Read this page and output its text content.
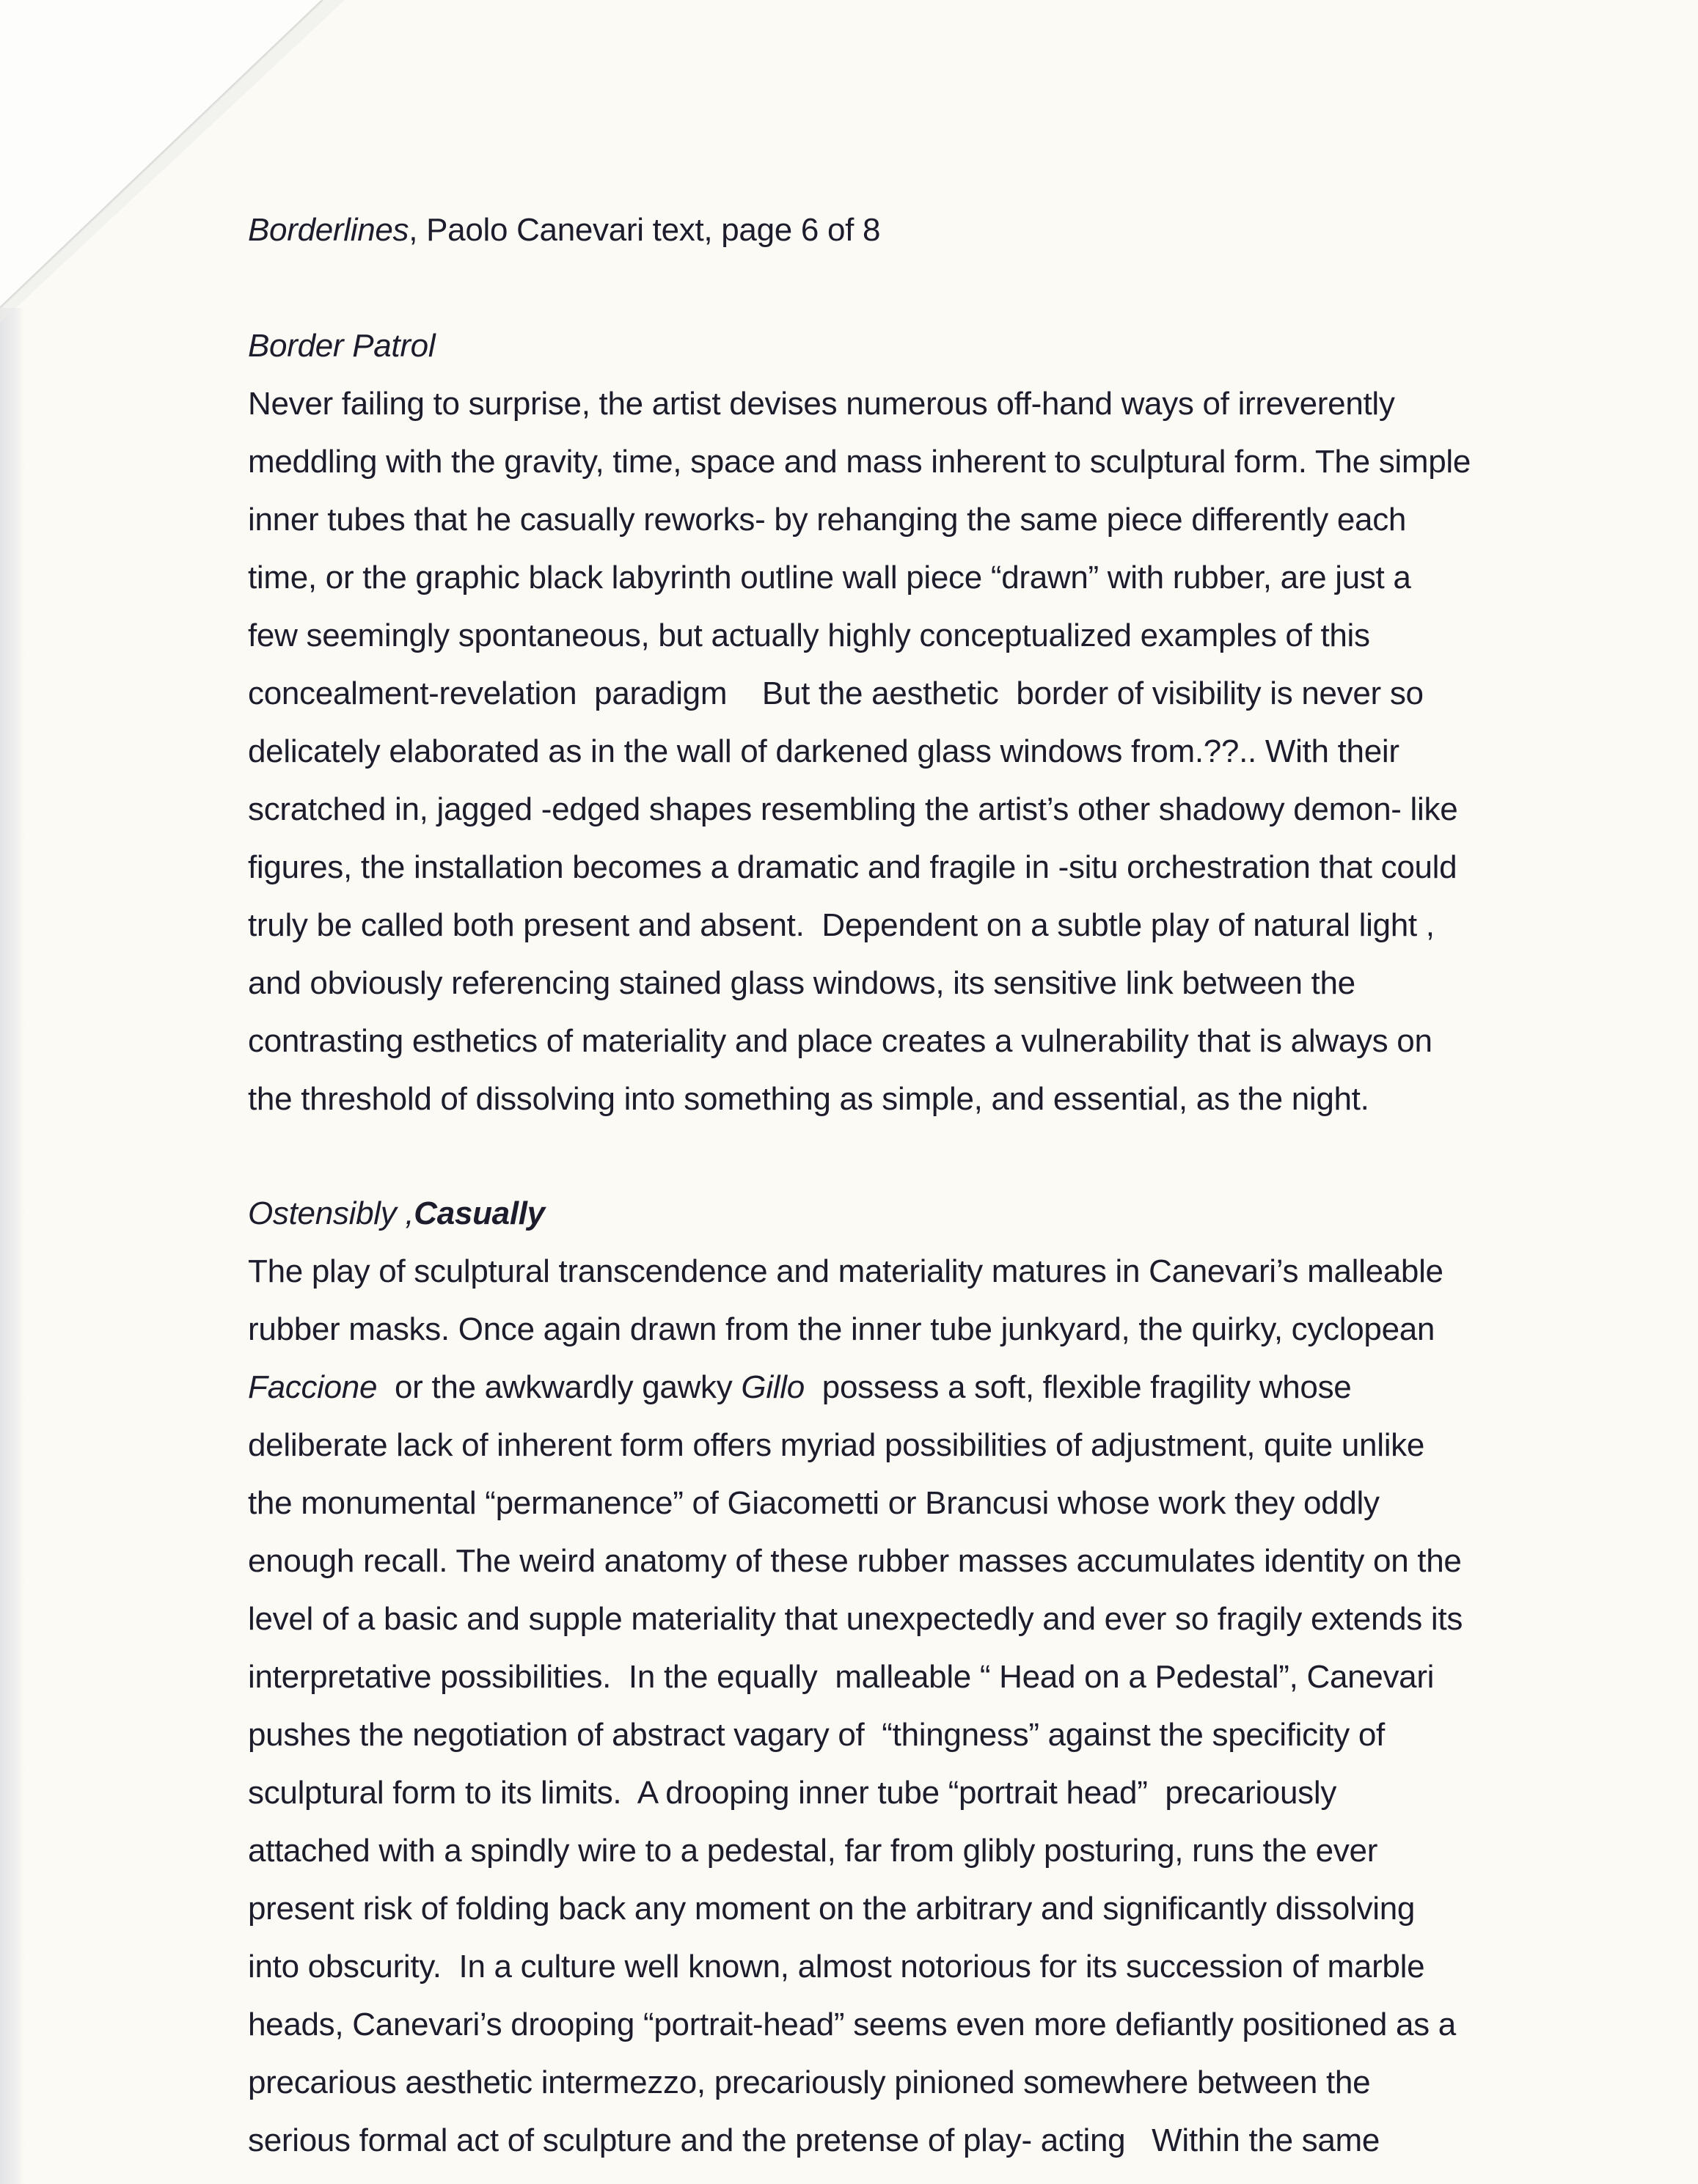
Borderlines, Paolo Canevari text, page 6 of 8
Border Patrol
Never failing to surprise, the artist devises numerous off-hand ways of irreverently
meddling with the gravity, time, space and mass inherent to sculptural form. The simple
inner tubes that he casually reworks- by rehanging the same piece differently each
time, or the graphic black labyrinth outline wall piece “drawn” with rubber, are just a
few seemingly spontaneous, but actually highly conceptualized examples of this
concealment-revelation  paradigm    But the aesthetic  border of visibility is never so
delicately elaborated as in the wall of darkened glass windows from.??.. With their
scratched in, jagged -edged shapes resembling the artist’s other shadowy demon- like
figures, the installation becomes a dramatic and fragile in -situ orchestration that could
truly be called both present and absent.  Dependent on a subtle play of natural light ,
and obviously referencing stained glass windows, its sensitive link between the
contrasting esthetics of materiality and place creates a vulnerability that is always on
the threshold of dissolving into something as simple, and essential, as the night.
Ostensibly ,Casually
The play of sculptural transcendence and materiality matures in Canevari’s malleable
rubber masks. Once again drawn from the inner tube junkyard, the quirky, cyclopean
Faccione  or the awkwardly gawky Gillo  possess a soft, flexible fragility whose
deliberate lack of inherent form offers myriad possibilities of adjustment, quite unlike
the monumental “permanence” of Giacometti or Brancusi whose work they oddly
enough recall. The weird anatomy of these rubber masses accumulates identity on the
level of a basic and supple materiality that unexpectedly and ever so fragily extends its
interpretative possibilities.  In the equally  malleable “ Head on a Pedestal”, Canevari
pushes the negotiation of abstract vagary of  “thingness” against the specificity of
sculptural form to its limits.  A drooping inner tube “portrait head”  precariously
attached with a spindly wire to a pedestal, far from glibly posturing, runs the ever
present risk of folding back any moment on the arbitrary and significantly dissolving
into obscurity.  In a culture well known, almost notorious for its succession of marble
heads, Canevari’s drooping “portrait-head” seems even more defiantly positioned as a
precarious aesthetic intermezzo, precariously pinioned somewhere between the
serious formal act of sculpture and the pretense of play- acting   Within the same
